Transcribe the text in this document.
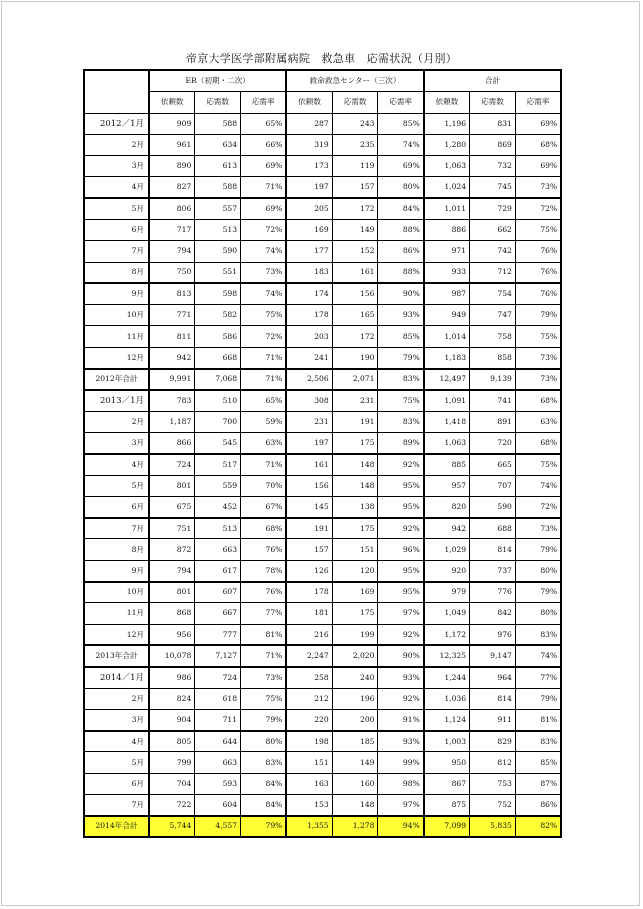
帝京大学医学部附属病院　救急車　応需状況（月別）
	ER（初期・二次）			救命救急センター（三次）			合計		
	依頼数	応需数	応需率	依頼数	応需数	応需率	依頼数	応需数	応需率
2012／1月	909	588	65%	287	243	85%	1,196	831	69%
2月	961	634	66%	319	235	74%	1,280	869	68%
3月	890	613	69%	173	119	69%	1,063	732	69%
4月	827	588	71%	197	157	80%	1,024	745	73%
5月	806	557	69%	205	172	84%	1,011	729	72%
6月	717	513	72%	169	149	88%	886	662	75%
7月	794	590	74%	177	152	86%	971	742	76%
8月	750	551	73%	183	161	88%	933	712	76%
9月	813	598	74%	174	156	90%	987	754	76%
10月	771	582	75%	178	165	93%	949	747	79%
11月	811	586	72%	203	172	85%	1,014	758	75%
12月	942	668	71%	241	190	79%	1,183	858	73%
2012年合計	9,991	7,068	71%	2,506	2,071	83%	12,497	9,139	73%
2013／1月	783	510	65%	308	231	75%	1,091	741	68%
2月	1,187	700	59%	231	191	83%	1,418	891	63%
3月	866	545	63%	197	175	89%	1,063	720	68%
4月	724	517	71%	161	148	92%	885	665	75%
5月	801	559	70%	156	148	95%	957	707	74%
6月	675	452	67%	145	138	95%	820	590	72%
7月	751	513	68%	191	175	92%	942	688	73%
8月	872	663	76%	157	151	96%	1,029	814	79%
9月	794	617	78%	126	120	95%	920	737	80%
10月	801	607	76%	178	169	95%	979	776	79%
11月	868	667	77%	181	175	97%	1,049	842	80%
12月	956	777	81%	216	199	92%	1,172	976	83%
2013年合計	10,078	7,127	71%	2,247	2,020	90%	12,325	9,147	74%
2014／1月	986	724	73%	258	240	93%	1,244	964	77%
2月	824	618	75%	212	196	92%	1,036	814	79%
3月	904	711	79%	220	200	91%	1,124	911	81%
4月	805	644	80%	198	185	93%	1,003	829	83%
5月	799	663	83%	151	149	99%	950	812	85%
6月	704	593	84%	163	160	98%	867	753	87%
7月	722	604	84%	153	148	97%	875	752	86%
2014年合計	5,744	4,557	79%	1,355	1,278	94%	7,099	5,835	82%
